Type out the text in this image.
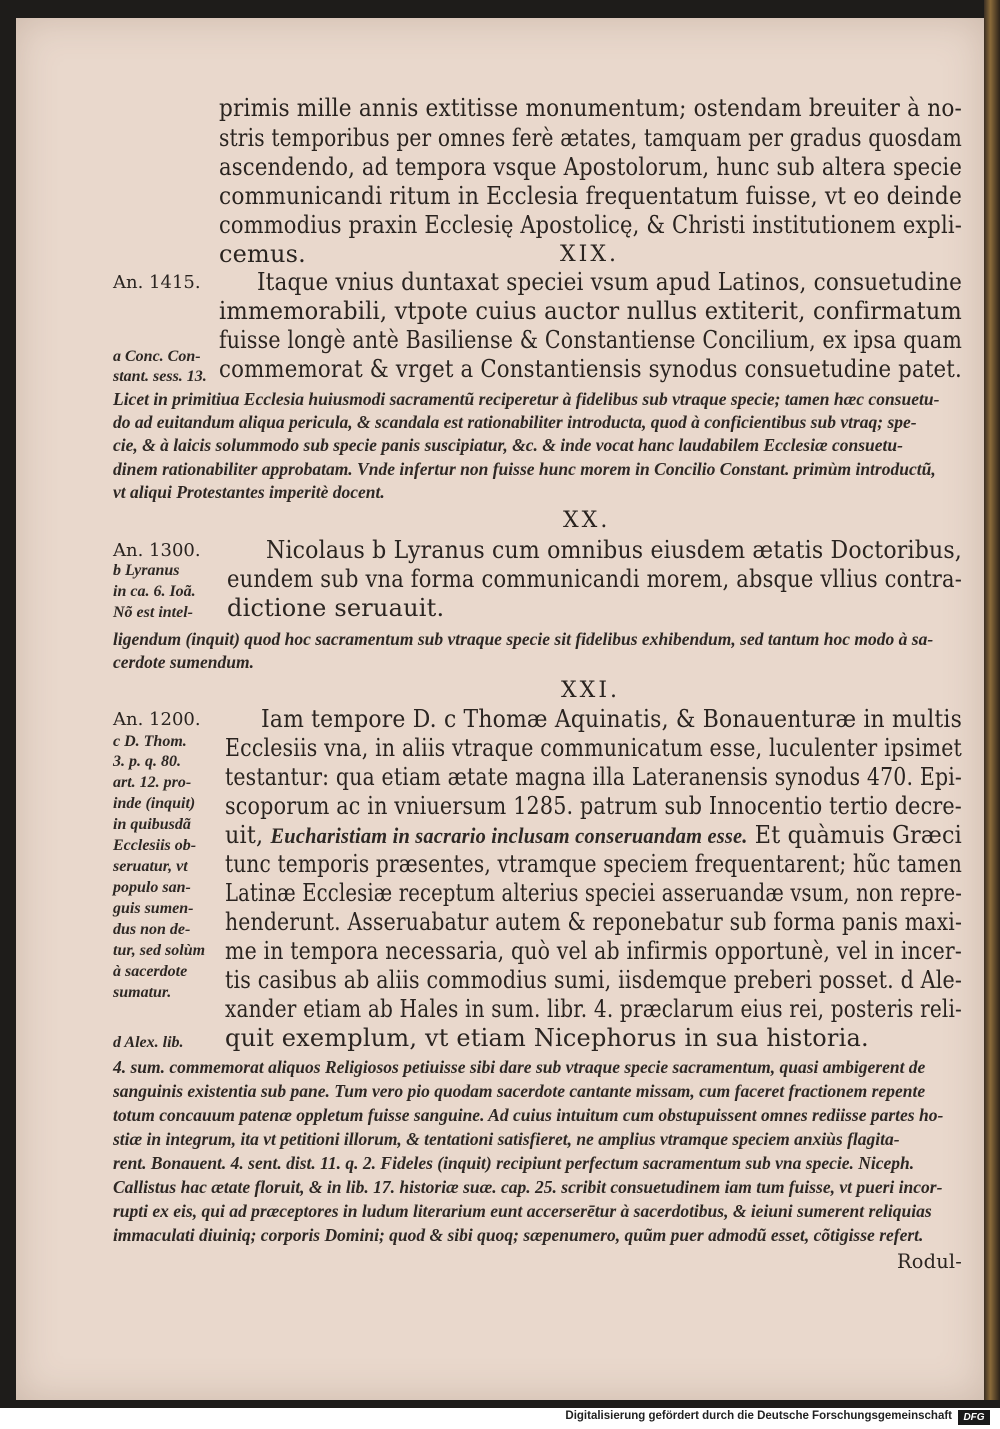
primis mille annis extitisse monumentum; ostendam breuiter à no-
stris temporibus per omnes ferè ætates, tamquam per gradus quosdam
ascendendo, ad tempora vsque Apostolorum, hunc sub altera specie
communicandi ritum in Ecclesia frequentatum fuisse, vt eo deinde
commodius praxin Ecclesię Apostolicę, & Christi institutionem expli-
cemus.	XIX.
An. 1415. Itaque vnius duntaxat speciei vsum apud Latinos, consuetudine
immemorabili, vtpote cuius auctor nullus extiterit, confirmatum
fuisse longè antè Basiliense & Constantiense Concilium, ex ipsa quam
commemorat & vrget a Constantiensis synodus consuetudine patet.
a Conc. Con-
stant. sess. 13.
Licet in primitiua Ecclesia huiusmodi sacramentũ reciperetur à fidelibus sub vtraque specie; tamen hæc consuetu-
do ad euitandum aliqua pericula, & scandala est rationabiliter introducta, quod à conficientibus sub vtraq; spe-
cie, & à laicis solummodo sub specie panis suscipiatur, &c. & inde vocat hanc laudabilem Ecclesiæ consuetu-
dinem rationabiliter approbatam. Vnde infertur non fuisse hunc morem in Concilio Constant. primùm introductũ,
vt aliqui Protestantes imperitè docent.
XX.
An. 1300.	Nicolaus b Lyranus cum omnibus eiusdem ætatis Doctoribus,
eundem sub vna forma communicandi morem, absque vllius contra-
dictione seruauit.
b Lyranus
in ca. 6. Ioã.
Nõ est intel-
ligendum (inquit) quod hoc sacramentum sub vtraque specie sit fidelibus exhibendum, sed tantum hoc modo à sa-
cerdote sumendum.
XXI.
An. 1200.	Iam tempore D. c Thomæ Aquinatis, & Bonauenturæ in multis
Ecclesiis vna, in aliis vtraque communicatum esse, luculenter ipsimet
testantur: qua etiam ætate magna illa Lateranensis synodus 470. Epi-
scoporum ac in vniuersum 1285. patrum sub Innocentio tertio decre-
uit, Eucharistiam in sacrario inclusam conseruandam esse. Et quàmuis Græci
tunc temporis præsentes, vtramque speciem frequentarent; hũc tamen
Latinæ Ecclesiæ receptum alterius speciei asseruandæ vsum, non repre-
henderunt. Asseruabatur autem & reponebatur sub forma panis maxi-
me in tempora necessaria, quò vel ab infirmis opportunè, vel in incer-
tis casibus ab aliis commodius sumi, iisdemque preberi posset. d Ale-
xander etiam ab Hales in sum. libr. 4. præclarum eius rei, posteris reli-
quit exemplum, vt etiam Nicephorus in sua historia.
c D. Thom.
3. p. q. 80.
art. 12. pro-
inde (inquit)
in quibusdã
Ecclesiis ob-
seruatur, vt
populo san-
guis sumen-
dus non de-
tur, sed solùm
à sacerdote
sumatur.
d Alex. lib.
4. sum. commemorat aliquos Religiosos petiuisse sibi dare sub vtraque specie sacramentum, quasi ambigerent de
sanguinis existentia sub pane. Tum vero pio quodam sacerdote cantante missam, cum faceret fractionem repente
totum concauum patenæ oppletum fuisse sanguine. Ad cuius intuitum cum obstupuissent omnes rediisse partes ho-
stiæ in integrum, ita vt petitioni illorum, & tentationi satisfieret, ne amplius vtramque speciem anxiùs flagita-
rent. Bonauent. 4. sent. dist. 11. q. 2. Fideles (inquit) recipiunt perfectum sacramentum sub vna specie. Niceph.
Callistus hac ætate floruit, & in lib. 17. historiæ suæ. cap. 25. scribit consuetudinem iam tum fuisse, vt pueri incor-
rupti ex eis, qui ad præceptores in ludum literarium eunt accerserētur à sacerdotibus, & ieiuni sumerent reliquias
immaculati diuiniq; corporis Domini; quod & sibi quoq; sæpenumero, quũm puer admodũ esset, cõtigisse refert.
Rodul-
Digitalisierung gefördert durch die Deutsche Forschungsgemeinschaft	DFG
